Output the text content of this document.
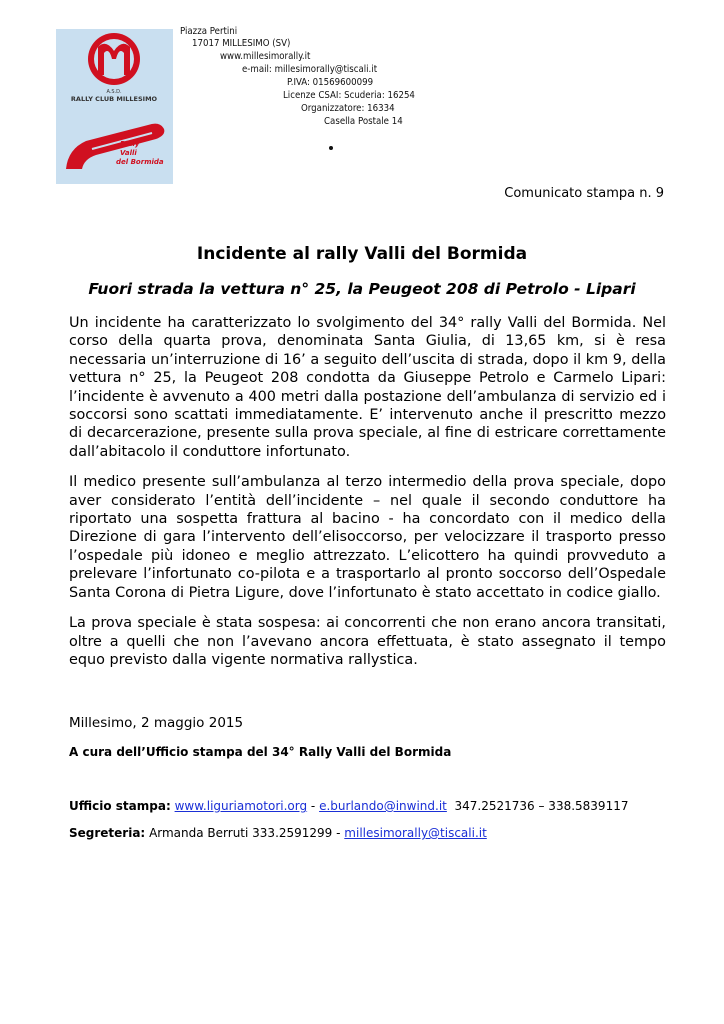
A.S.D.
RALLY CLUB MILLESIMO
Rally
Valli
del Bormida
Piazza Pertini
17017 MILLESIMO (SV)
www.millesimorally.it
e-mail: millesimorally@tiscali.it
P.IVA: 01569600099
Licenze CSAI: Scuderia: 16254
Organizzatore: 16334
Casella Postale 14
Comunicato stampa n. 9
Incidente al rally Valli del Bormida
Fuori strada la vettura n° 25, la Peugeot 208 di Petrolo - Lipari

Un incidente ha caratterizzato lo svolgimento del 34° rally Valli del Bormida. Nel corso della quarta prova, denominata Santa Giulia, di 13,65 km, si è resa necessaria un’interruzione di 16’ a seguito dell’uscita di strada, dopo il km 9, della vettura n° 25, la Peugeot 208 condotta da Giuseppe Petrolo e Carmelo Lipari: l’incidente è avvenuto a 400 metri dalla postazione dell’ambulanza di servizio ed i soccorsi sono scattati immediatamente. E’ intervenuto anche il prescritto mezzo di decarcerazione, presente sulla prova speciale, al fine di estricare correttamente dall’abitacolo il conduttore infortunato.

Il medico presente sull’ambulanza al terzo intermedio della prova speciale, dopo aver considerato l’entità dell’incidente – nel quale il secondo conduttore ha riportato una sospetta frattura al bacino - ha concordato con il medico della Direzione di gara l’intervento dell’elisoccorso, per velocizzare il trasporto presso l’ospedale più idoneo e meglio attrezzato. L’elicottero ha quindi provveduto a prelevare l’infortunato co-pilota e a trasportarlo al pronto soccorso dell’Ospedale Santa Corona di Pietra Ligure, dove l’infortunato è stato accettato in codice giallo.

La prova speciale è stata sospesa: ai concorrenti che non erano ancora transitati, oltre a quelli che non l’avevano ancora effettuata, è stato assegnato il tempo equo previsto dalla vigente normativa rallystica.

Millesimo, 2 maggio 2015
A cura dell’Ufficio stampa del 34° Rally Valli del Bormida
Ufficio stampa: www.liguriamotori.org - e.burlando@inwind.it 347.2521736 – 338.5839117
Segreteria: Armanda Berruti 333.2591299 - millesimorally@tiscali.it
